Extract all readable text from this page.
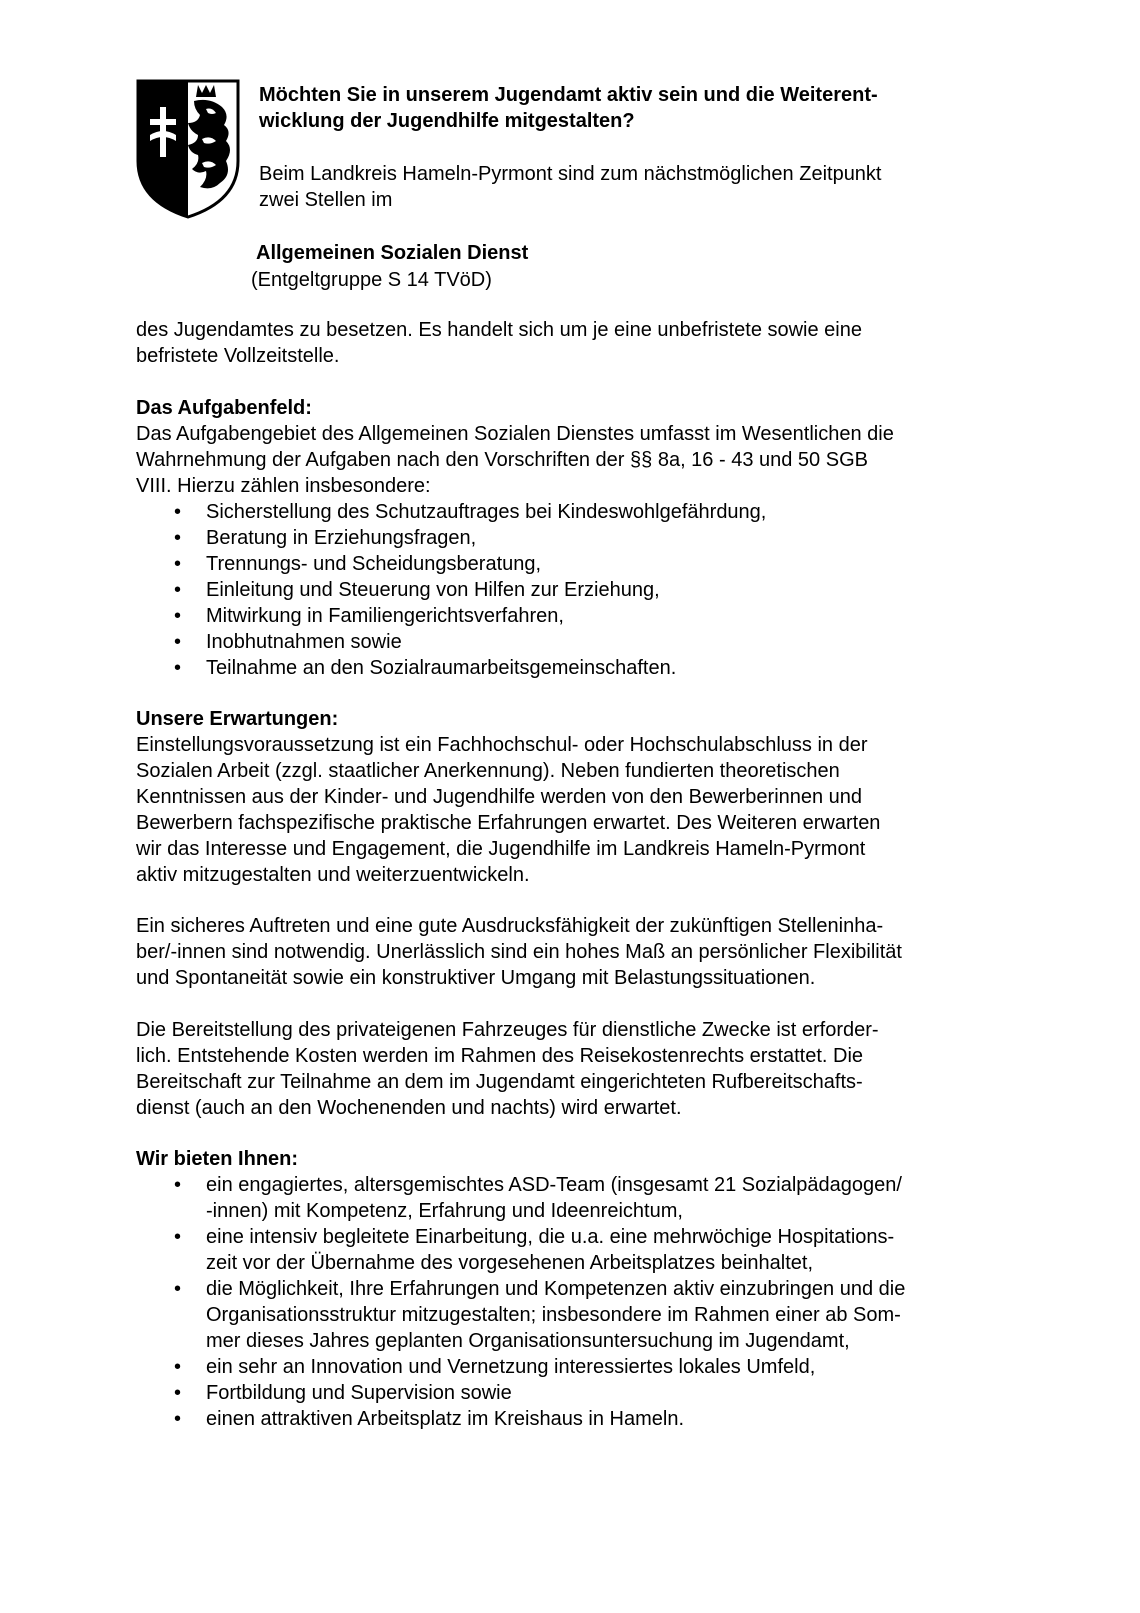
Möchten Sie in unserem Jugendamt aktiv sein und die Weiterent-
wicklung der Jugendhilfe mitgestalten?
Beim Landkreis Hameln-Pyrmont sind zum nächstmöglichen Zeitpunkt
zwei Stellen im
Allgemeinen Sozialen Dienst
(Entgeltgruppe S 14 TVöD)
des Jugendamtes zu besetzen. Es handelt sich um je eine unbefristete sowie eine
befristete Vollzeitstelle.
Das Aufgabenfeld:
Das Aufgabengebiet des Allgemeinen Sozialen Dienstes umfasst im Wesentlichen die
Wahrnehmung der Aufgaben nach den Vorschriften der §§ 8a, 16 - 43 und 50 SGB
VIII. Hierzu zählen insbesondere:
• Sicherstellung des Schutzauftrages bei Kindeswohlgefährdung,
• Beratung in Erziehungsfragen,
• Trennungs- und Scheidungsberatung,
• Einleitung und Steuerung von Hilfen zur Erziehung,
• Mitwirkung in Familiengerichtsverfahren,
• Inobhutnahmen sowie
• Teilnahme an den Sozialraumarbeitsgemeinschaften.
Unsere Erwartungen:
Einstellungsvoraussetzung ist ein Fachhochschul- oder Hochschulabschluss in der
Sozialen Arbeit (zzgl. staatlicher Anerkennung). Neben fundierten theoretischen
Kenntnissen aus der Kinder- und Jugendhilfe werden von den Bewerberinnen und
Bewerbern fachspezifische praktische Erfahrungen erwartet. Des Weiteren erwarten
wir das Interesse und Engagement, die Jugendhilfe im Landkreis Hameln-Pyrmont
aktiv mitzugestalten und weiterzuentwickeln.
Ein sicheres Auftreten und eine gute Ausdrucksfähigkeit der zukünftigen Stelleninha-
ber/-innen sind notwendig. Unerlässlich sind ein hohes Maß an persönlicher Flexibilität
und Spontaneität sowie ein konstruktiver Umgang mit Belastungssituationen.
Die Bereitstellung des privateigenen Fahrzeuges für dienstliche Zwecke ist erforder-
lich. Entstehende Kosten werden im Rahmen des Reisekostenrechts erstattet. Die
Bereitschaft zur Teilnahme an dem im Jugendamt eingerichteten Rufbereitschafts-
dienst (auch an den Wochenenden und nachts) wird erwartet.
Wir bieten Ihnen:
• ein engagiertes, altersgemischtes ASD-Team (insgesamt 21 Sozialpädagogen/
-innen) mit Kompetenz, Erfahrung und Ideenreichtum,
• eine intensiv begleitete Einarbeitung, die u.a. eine mehrwöchige Hospitations-
zeit vor der Übernahme des vorgesehenen Arbeitsplatzes beinhaltet,
• die Möglichkeit, Ihre Erfahrungen und Kompetenzen aktiv einzubringen und die
Organisationsstruktur mitzugestalten; insbesondere im Rahmen einer ab Som-
mer dieses Jahres geplanten Organisationsuntersuchung im Jugendamt,
• ein sehr an Innovation und Vernetzung interessiertes lokales Umfeld,
• Fortbildung und Supervision sowie
• einen attraktiven Arbeitsplatz im Kreishaus in Hameln.
